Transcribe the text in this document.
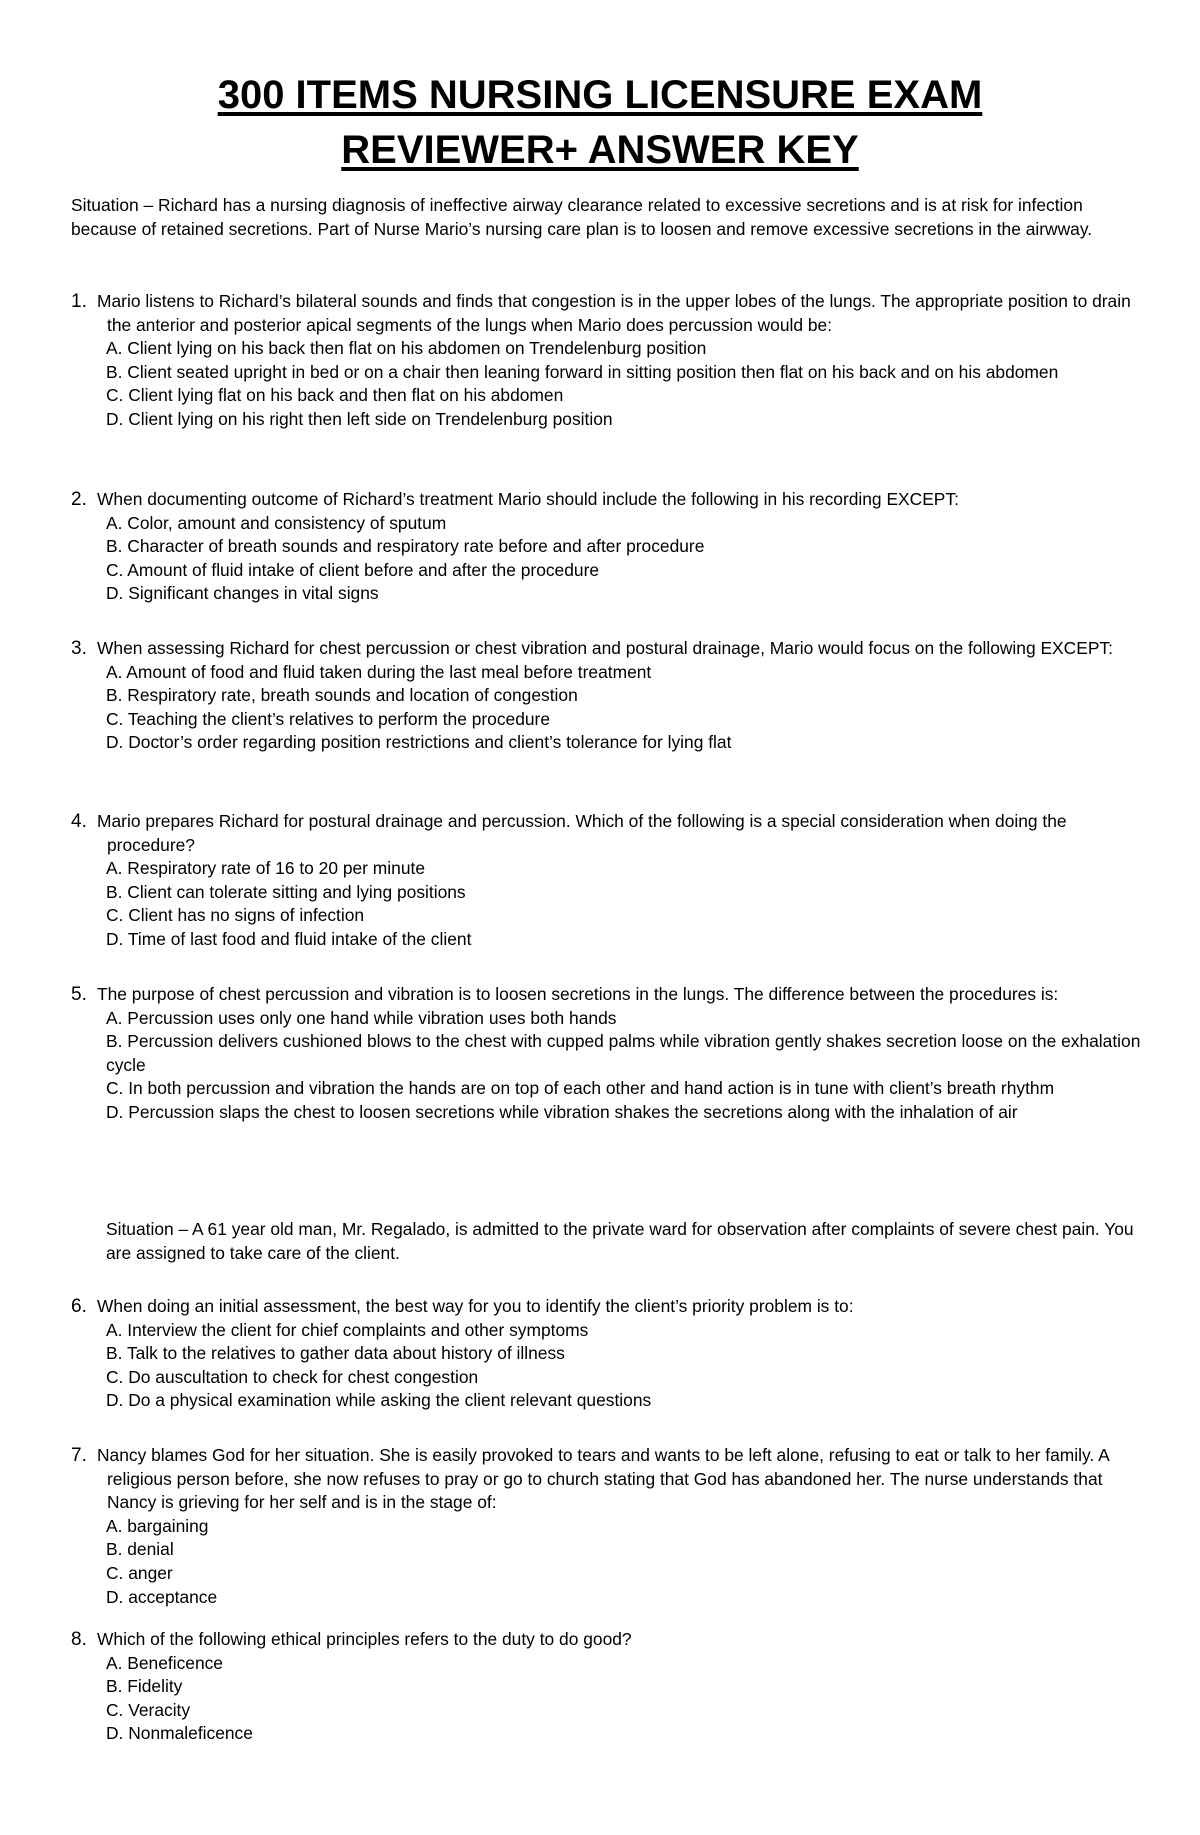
300 ITEMS NURSING LICENSURE EXAM
REVIEWER+ ANSWER KEY
Situation – Richard has a nursing diagnosis of ineffective airway clearance related to excessive secretions and is at risk for infection because of retained secretions. Part of Nurse Mario’s nursing care plan is to loosen and remove excessive secretions in the airwway.
1. Mario listens to Richard’s bilateral sounds and finds that congestion is in the upper lobes of the lungs. The appropriate position to drain the anterior and posterior apical segments of the lungs when Mario does percussion would be:
A. Client lying on his back then flat on his abdomen on Trendelenburg position
B. Client seated upright in bed or on a chair then leaning forward in sitting position then flat on his back and on his abdomen
C. Client lying flat on his back and then flat on his abdomen
D. Client lying on his right then left side on Trendelenburg position
2. When documenting outcome of Richard’s treatment Mario should include the following in his recording EXCEPT:
A. Color, amount and consistency of sputum
B. Character of breath sounds and respiratory rate before and after procedure
C. Amount of fluid intake of client before and after the procedure
D. Significant changes in vital signs
3. When assessing Richard for chest percussion or chest vibration and postural drainage, Mario would focus on the following EXCEPT:
A. Amount of food and fluid taken during the last meal before treatment
B. Respiratory rate, breath sounds and location of congestion
C. Teaching the client’s relatives to perform the procedure
D. Doctor’s order regarding position restrictions and client’s tolerance for lying flat
4. Mario prepares Richard for postural drainage and percussion. Which of the following is a special consideration when doing the procedure?
A. Respiratory rate of 16 to 20 per minute
B. Client can tolerate sitting and lying positions
C. Client has no signs of infection
D. Time of last food and fluid intake of the client
5. The purpose of chest percussion and vibration is to loosen secretions in the lungs. The difference between the procedures is:
A. Percussion uses only one hand while vibration uses both hands
B. Percussion delivers cushioned blows to the chest with cupped palms while vibration gently shakes secretion loose on the exhalation cycle
C. In both percussion and vibration the hands are on top of each other and hand action is in tune with client’s breath rhythm
D. Percussion slaps the chest to loosen secretions while vibration shakes the secretions along with the inhalation of air
Situation – A 61 year old man, Mr. Regalado, is admitted to the private ward for observation after complaints of severe chest pain. You are assigned to take care of the client.
6. When doing an initial assessment, the best way for you to identify the client’s priority problem is to:
A. Interview the client for chief complaints and other symptoms
B. Talk to the relatives to gather data about history of illness
C. Do auscultation to check for chest congestion
D. Do a physical examination while asking the client relevant questions
7. Nancy blames God for her situation. She is easily provoked to tears and wants to be left alone, refusing to eat or talk to her family. A religious person before, she now refuses to pray or go to church stating that God has abandoned her. The nurse understands that Nancy is grieving for her self and is in the stage of:
A. bargaining
B. denial
C. anger
D. acceptance
8. Which of the following ethical principles refers to the duty to do good?
A. Beneficence
B. Fidelity
C. Veracity
D. Nonmaleficence
